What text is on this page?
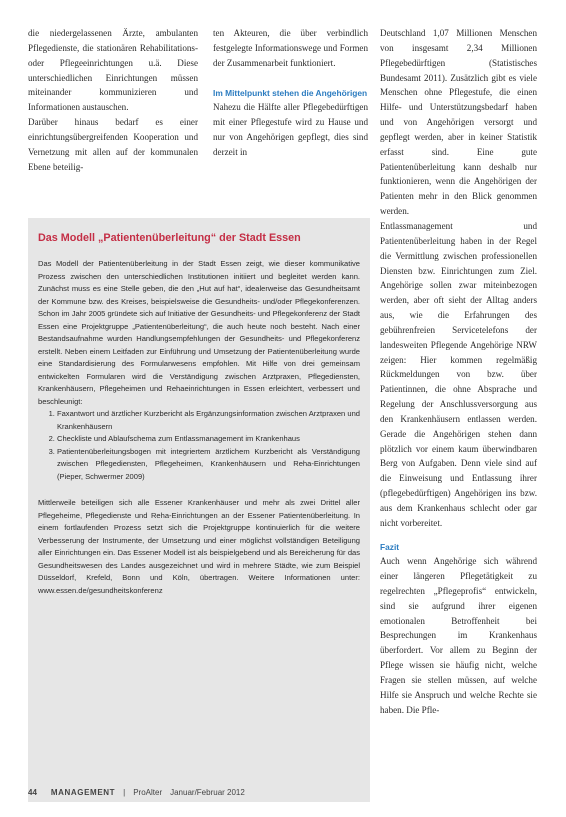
die niedergelassenen Ärzte, ambulanten Pflegedienste, die stationären Rehabilitations- oder Pflegeeinrichtungen u.ä. Diese unterschiedlichen Einrichtungen müssen miteinander kommunizieren und Informationen austauschen.

Darüber hinaus bedarf es einer einrichtungsübergreifenden Kooperation und Vernetzung mit allen auf der kommunalen Ebene beteilig-

ten Akteuren, die über verbindlich festgelegte Informationswege und Formen der Zusammenarbeit funktioniert.

Im Mittelpunkt stehen die Angehörigen

Nahezu die Hälfte aller Pflegebedürftigen mit einer Pflegestufe wird zu Hause und nur von Angehörigen gepflegt, dies sind derzeit in

Deutschland 1,07 Millionen Menschen von insgesamt 2,34 Millionen Pflegebedürftigen (Statistisches Bundesamt 2011). Zusätzlich gibt es viele Menschen ohne Pflegestufe, die einen Hilfe- und Unterstützungsbedarf haben und von Angehörigen versorgt und gepflegt werden, aber in keiner Statistik erfasst sind. Eine gute Patientenüberleitung kann deshalb nur funktionieren, wenn die Angehörigen der Patienten mehr in den Blick genommen werden.

Entlassmanagement und Patientenüberleitung haben in der Regel die Vermittlung zwischen professionellen Diensten bzw. Einrichtungen zum Ziel. Angehörige sollen zwar miteinbezogen werden, aber oft sieht der Alltag anders aus, wie die Erfahrungen des gebührenfreien Servicetelefons der landesweiten Pflegende Angehörige NRW zeigen: Hier kommen regelmäßig Rückmeldungen von bzw. über Patientinnen, die ohne Absprache und Regelung der Anschlussversorgung aus den Krankenhäusern entlassen werden. Gerade die Angehörigen stehen dann plötzlich vor einem kaum überwindbaren Berg von Aufgaben. Denn viele sind auf die Einweisung und Entlassung ihrer (pflegebedürftigen) Angehörigen ins bzw. aus dem Krankenhaus schlecht oder gar nicht vorbereitet.

Fazit

Auch wenn Angehörige sich während einer längeren Pflegetätigkeit zu regelrechten „Pflegeprofis“ entwickeln, sind sie aufgrund ihrer eigenen emotionalen Betroffenheit bei Besprechungen im Krankenhaus überfordert. Vor allem zu Beginn der Pflege wissen sie häufig nicht, welche Fragen sie stellen müssen, auf welche Hilfe sie Anspruch und welche Rechte sie haben. Die Pfle-

Das Modell „Patientenüberleitung“ der Stadt Essen

Das Modell der Patientenüberleitung in der Stadt Essen zeigt, wie dieser kommunikative Prozess zwischen den unterschiedlichen Institutionen initiiert und begleitet werden kann. Zunächst muss es eine Stelle geben, die den „Hut auf hat“, idealerweise das Gesundheitsamt der Kommune bzw. des Kreises, beispielsweise die Gesundheits- und/oder Pflegekonferenzen. Schon im Jahr 2005 gründete sich auf Initiative der Gesundheits- und Pflegekonferenz der Stadt Essen eine Projektgruppe „Patientenüberleitung“, die auch heute noch besteht. Nach einer Bestandsaufnahme wurden Handlungsempfehlungen der Gesundheits- und Pflegekonferenz erstellt. Neben einem Leitfaden zur Einführung und Umsetzung der Patientenüberleitung wurde eine Standardisierung des Formularwesens empfohlen. Mit Hilfe von drei gemeinsam entwickelten Formularen wird die Verständigung zwischen Arztpraxen, Pflegediensten, Krankenhäusern, Pflegeheimen und Rehaeinrichtungen in Essen erleichtert, verbessert und beschleunigt:

1. Faxantwort und ärztlicher Kurzbericht als Ergänzungsinformation zwischen Arztpraxen und Krankenhäusern
2. Checkliste und Ablaufschema zum Entlassmanagement im Krankenhaus
3. Patientenüberleitungsbogen mit integriertem ärztlichem Kurzbericht als Verständigung zwischen Pflegediensten, Pflegeheimen, Krankenhäusern und Reha-Einrichtungen (Pieper, Schwermer 2009)

Mittlerweile beteiligen sich alle Essener Krankenhäuser und mehr als zwei Drittel aller Pflegeheime, Pflegedienste und Reha-Einrichtungen an der Essener Patientenüberleitung. In einem fortlaufenden Prozess setzt sich die Projektgruppe kontinuierlich für die weitere Verbesserung der Instrumente, der Umsetzung und einer möglichst vollständigen Beteiligung aller Einrichtungen ein. Das Essener Modell ist als beispielgebend und als Bereicherung für das Gesundheitswesen des Landes ausgezeichnet und wird in mehrere Städte, wie zum Beispiel Düsseldorf, Krefeld, Bonn und Köln, übertragen. Weitere Informationen unter: www.essen.de/gesundheitskonferenz

44 MANAGEMENT | ProAlter Januar/Februar 2012
